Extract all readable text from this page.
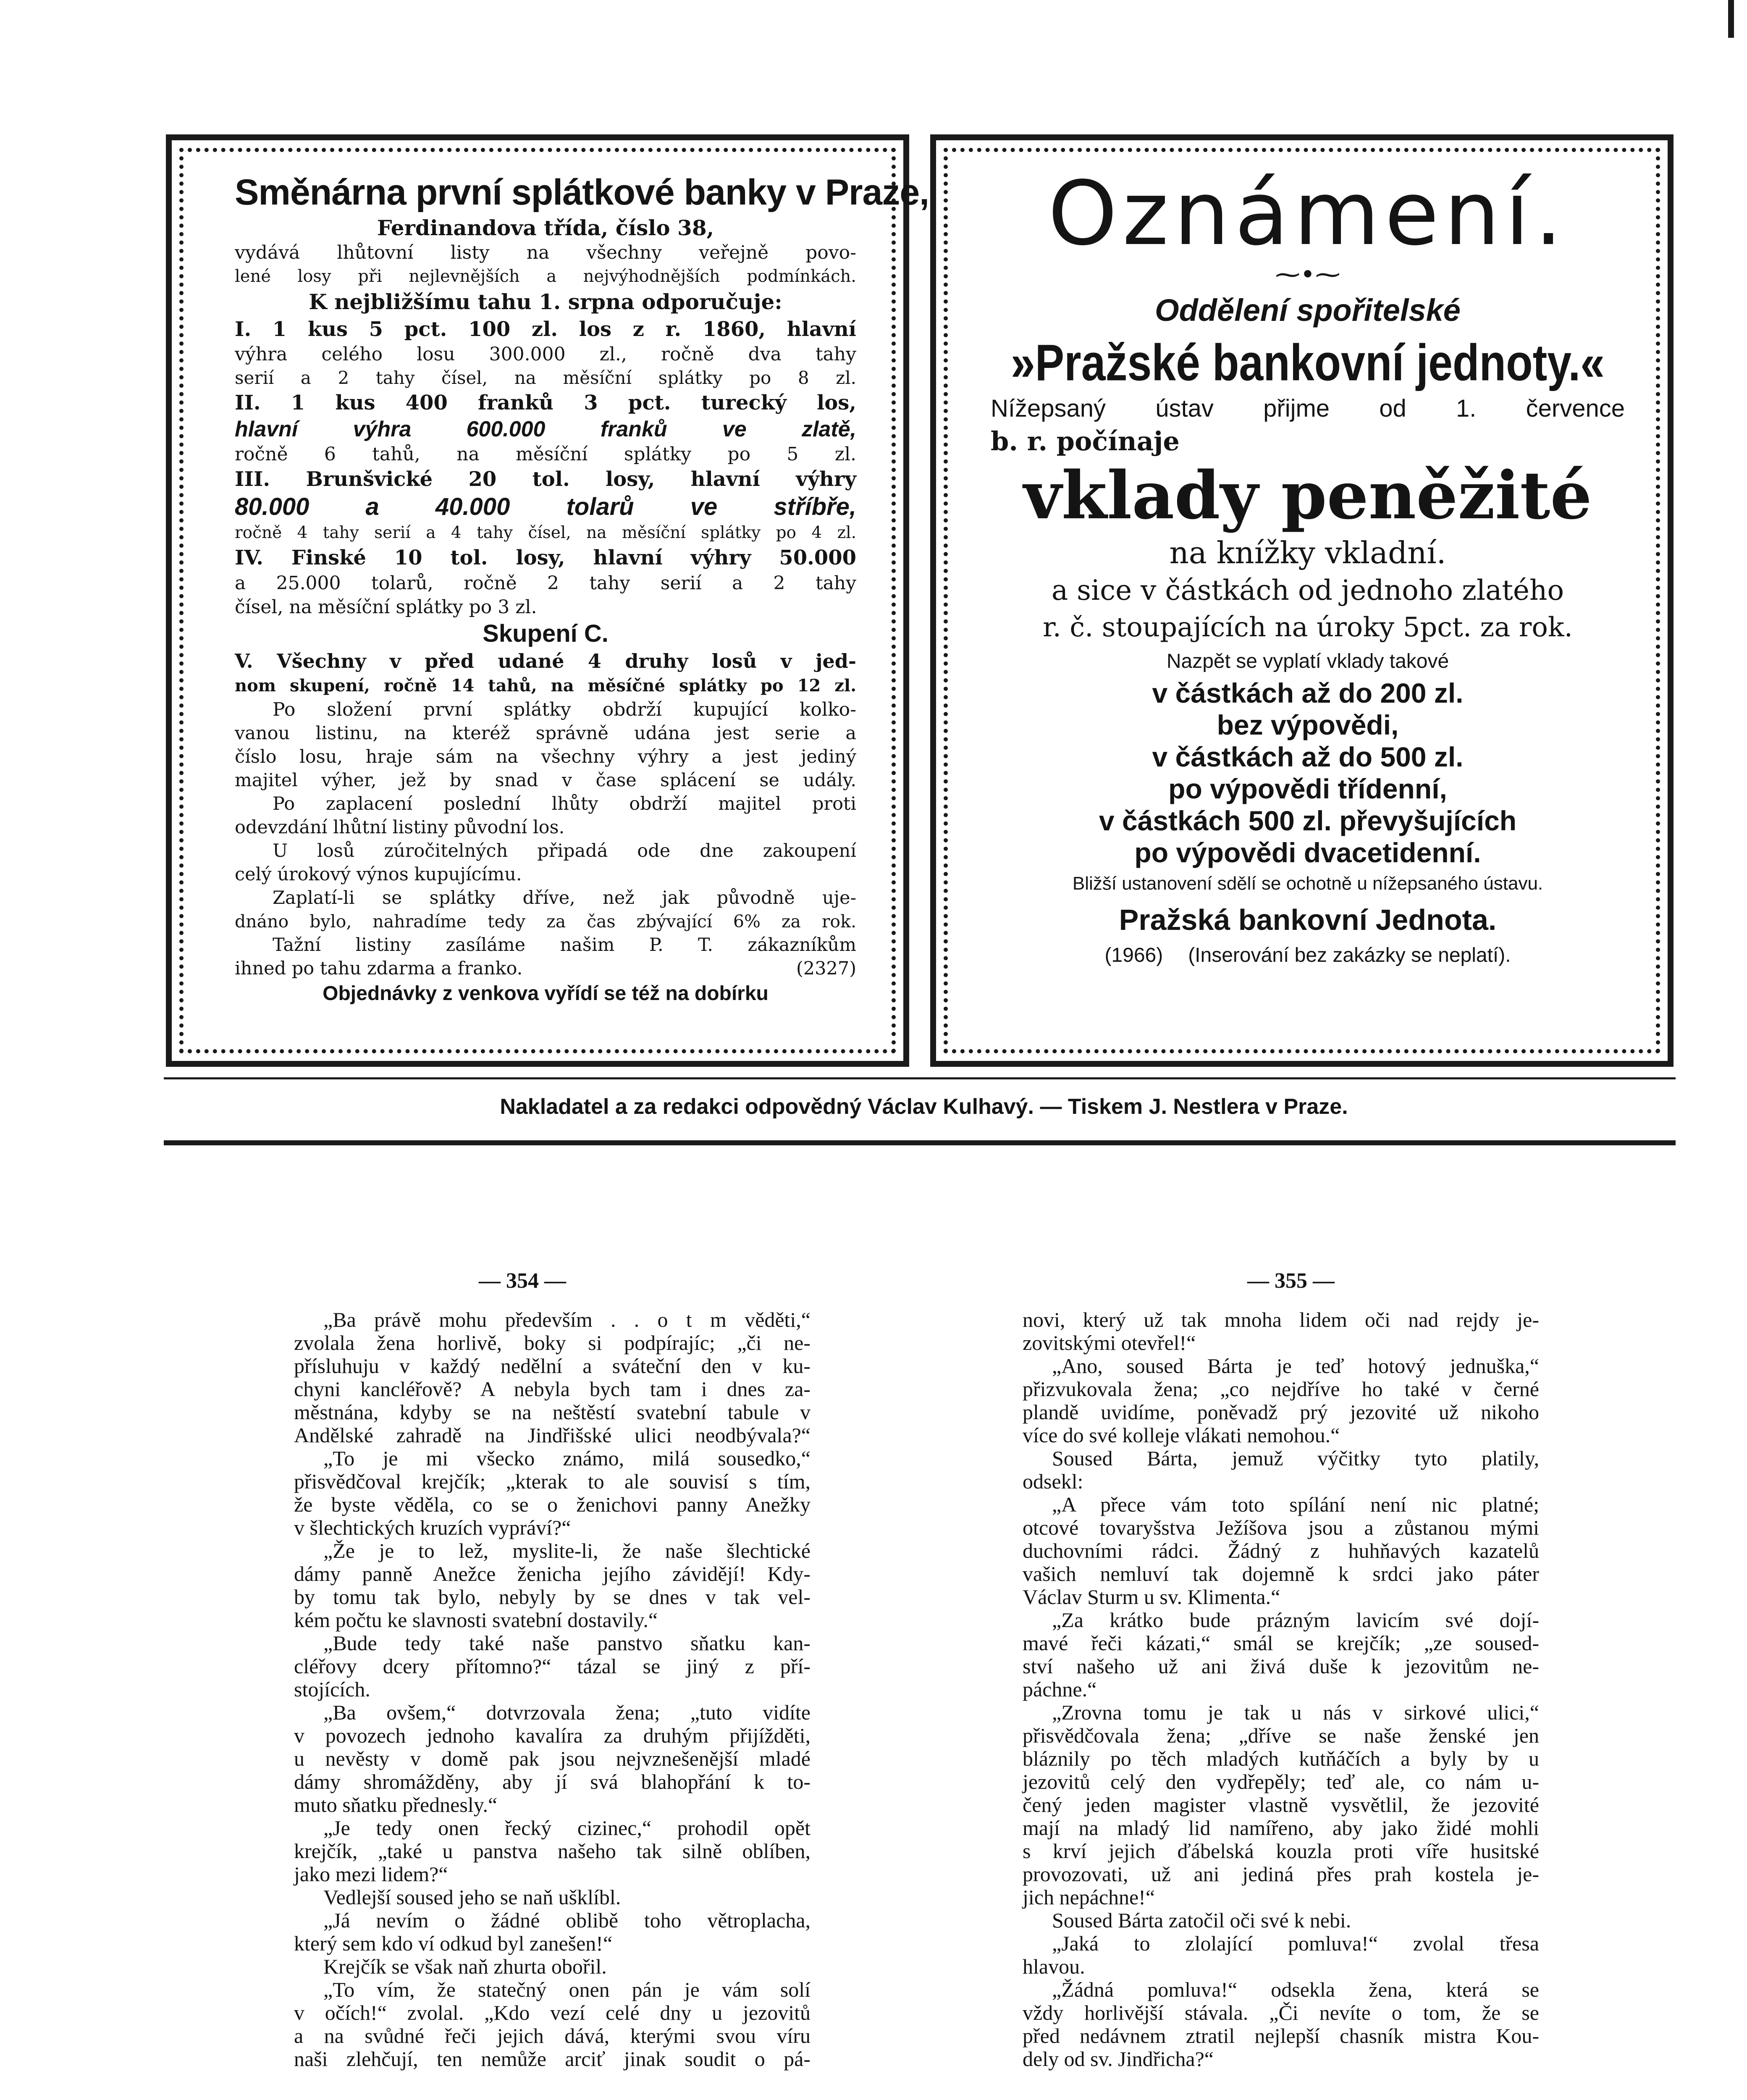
Směnárna první splátkové banky v Praze,
Ferdinandova třída, číslo 38,
vydává lhůtovní listy na všechny veřejně povo-
lené losy při nejlevnějších a nejvýhodnějších podmínkách.
K nejbližšímu tahu 1. srpna odporučuje:
I. 1 kus 5 pct. 100 zl. los z r. 1860, hlavní
výhra celého losu 300.000 zl., ročně dva tahy
serií a 2 tahy čísel, na měsíční splátky po 8 zl.
II. 1 kus 400 franků 3 pct. turecký los,
hlavní výhra 600.000 franků ve zlatě,
ročně 6 tahů, na měsíční splátky po 5 zl.
III. Brunšvické 20 tol. losy, hlavní výhry
80.000 a 40.000 tolarů ve stříbře,
ročně 4 tahy serií a 4 tahy čísel, na měsíční splátky po 4 zl.
IV. Finské 10 tol. losy, hlavní výhry 50.000
a 25.000 tolarů, ročně 2 tahy serií a 2 tahy
čísel, na měsíční splátky po 3 zl.
Skupení C.
V. Všechny v před udané 4 druhy losů v jed-
nom skupení, ročně 14 tahů, na měsíčné splátky po 12 zl.
Po složení první splátky obdrží kupující kolko-
vanou listinu, na kteréž správně udána jest serie a
číslo losu, hraje sám na všechny výhry a jest jediný
majitel výher, jež by snad v čase splácení se udály.
Po zaplacení poslední lhůty obdrží majitel proti
odevzdání lhůtní listiny původní los.
U losů zúročitelných připadá ode dne zakoupení
celý úrokový výnos kupujícímu.
Zaplatí-li se splátky dříve, než jak původně uje-
dnáno bylo, nahradíme tedy za čas zbývající 6% za rok.
Tažní listiny zasíláme našim P. T. zákazníkům
ihned po tahu zdarma a franko.	(2327)
Objednávky z venkova vyřídí se též na dobírku
Oznámení.
⁓•⁓
Oddělení spořitelské
»Pražské bankovní jednoty.«
Nížepsaný ústav přijme od 1. července
b. r. počínaje
vklady peněžité
na knížky vkladní.
a sice v částkách od jednoho zlatého
r. č. stoupajících na úroky 5pct. za rok.
Nazpět se vyplatí vklady takové
v částkách až do 200 zl.
bez výpovědi,
v částkách až do 500 zl.
po výpovědi třídenní,
v částkách 500 zl. převyšujících
po výpovědi dvacetidenní.
Bližší ustanovení sdělí se ochotně u nížepsaného ústavu.
Pražská bankovní Jednota.
(1966) (Inserování bez zakázky se neplatí).
Nakladatel a za redakci odpovědný Václav Kulhavý. — Tiskem J. Nestlera v Praze.
— 354 —	— 355 —
„Ba právě mohu především . . o t m věděti,“
zvolala žena horlivě, boky si podpírajíc; „či ne-
přísluhuju v každý nedělní a sváteční den v ku-
chyni kancléřově? A nebyla bych tam i dnes za-
městnána, kdyby se na neštěstí svatební tabule v
Andělské zahradě na Jindřišské ulici neodbývala?“
„To je mi všecko známo, milá sousedko,“
přisvědčoval krejčík; „kterak to ale souvisí s tím,
že byste věděla, co se o ženichovi panny Anežky
v šlechtických kruzích vypráví?“
„Že je to lež, myslite-li, že naše šlechtické
dámy panně Anežce ženicha jejího závidějí! Kdy-
by tomu tak bylo, nebyly by se dnes v tak vel-
kém počtu ke slavnosti svatební dostavily.“
„Bude tedy také naše panstvo sňatku kan-
cléřovy dcery přítomno?“ tázal se jiný z pří-
stojících.
„Ba ovšem,“ dotvrzovala žena; „tuto vidíte
v povozech jednoho kavalíra za druhým přijížděti,
u nevěsty v domě pak jsou nejvznešenější mladé
dámy shromážděny, aby jí svá blahopřání k to-
muto sňatku přednesly.“
„Je tedy onen řecký cizinec,“ prohodil opět
krejčík, „také u panstva našeho tak silně oblíben,
jako mezi lidem?“
Vedlejší soused jeho se naň ušklíbl.
„Já nevím o žádné oblibě toho větroplacha,
který sem kdo ví odkud byl zanešen!“
Krejčík se však naň zhurta obořil.
„To vím, že statečný onen pán je vám solí
v očích!“ zvolal. „Kdo vezí celé dny u jezovitů
a na svůdné řeči jejich dává, kterými svou víru
naši zlehčují, ten nemůže arciť jinak soudit o pá-
novi, který už tak mnoha lidem oči nad rejdy je-
zovitskými otevřel!“
„Ano, soused Bárta je teď hotový jednuška,“
přizvukovala žena; „co nejdříve ho také v černé
plandě uvidíme, poněvadž prý jezovité už nikoho
více do své kolleje vlákati nemohou.“
Soused Bárta, jemuž výčitky tyto platily,
odsekl:
„A přece vám toto spílání není nic platné;
otcové tovaryšstva Ježíšova jsou a zůstanou mými
duchovními rádci. Žádný z huhňavých kazatelů
vašich nemluví tak dojemně k srdci jako páter
Václav Sturm u sv. Klimenta.“
„Za krátko bude prázným lavicím své dojí-
mavé řeči kázati,“ smál se krejčík; „ze soused-
ství našeho už ani živá duše k jezovitům ne-
páchne.“
„Zrovna tomu je tak u nás v sirkové ulici,“
přisvědčovala žena; „dříve se naše ženské jen
bláznily po těch mladých kutňáčích a byly by u
jezovitů celý den vydřepěly; teď ale, co nám u-
čený jeden magister vlastně vysvětlil, že jezovité
mají na mladý lid namířeno, aby jako židé mohli
s krví jejich ďábelská kouzla proti víře husitské
provozovati, už ani jediná přes prah kostela je-
jich nepáchne!“
Soused Bárta zatočil oči své k nebi.
„Jaká to zlolající pomluva!“ zvolal třesa
hlavou.
„Žádná pomluva!“ odsekla žena, která se
vždy horlivější stávala. „Či nevíte o tom, že se
před nedávnem ztratil nejlepší chasník mistra Kou-
dely od sv. Jindřicha?“
